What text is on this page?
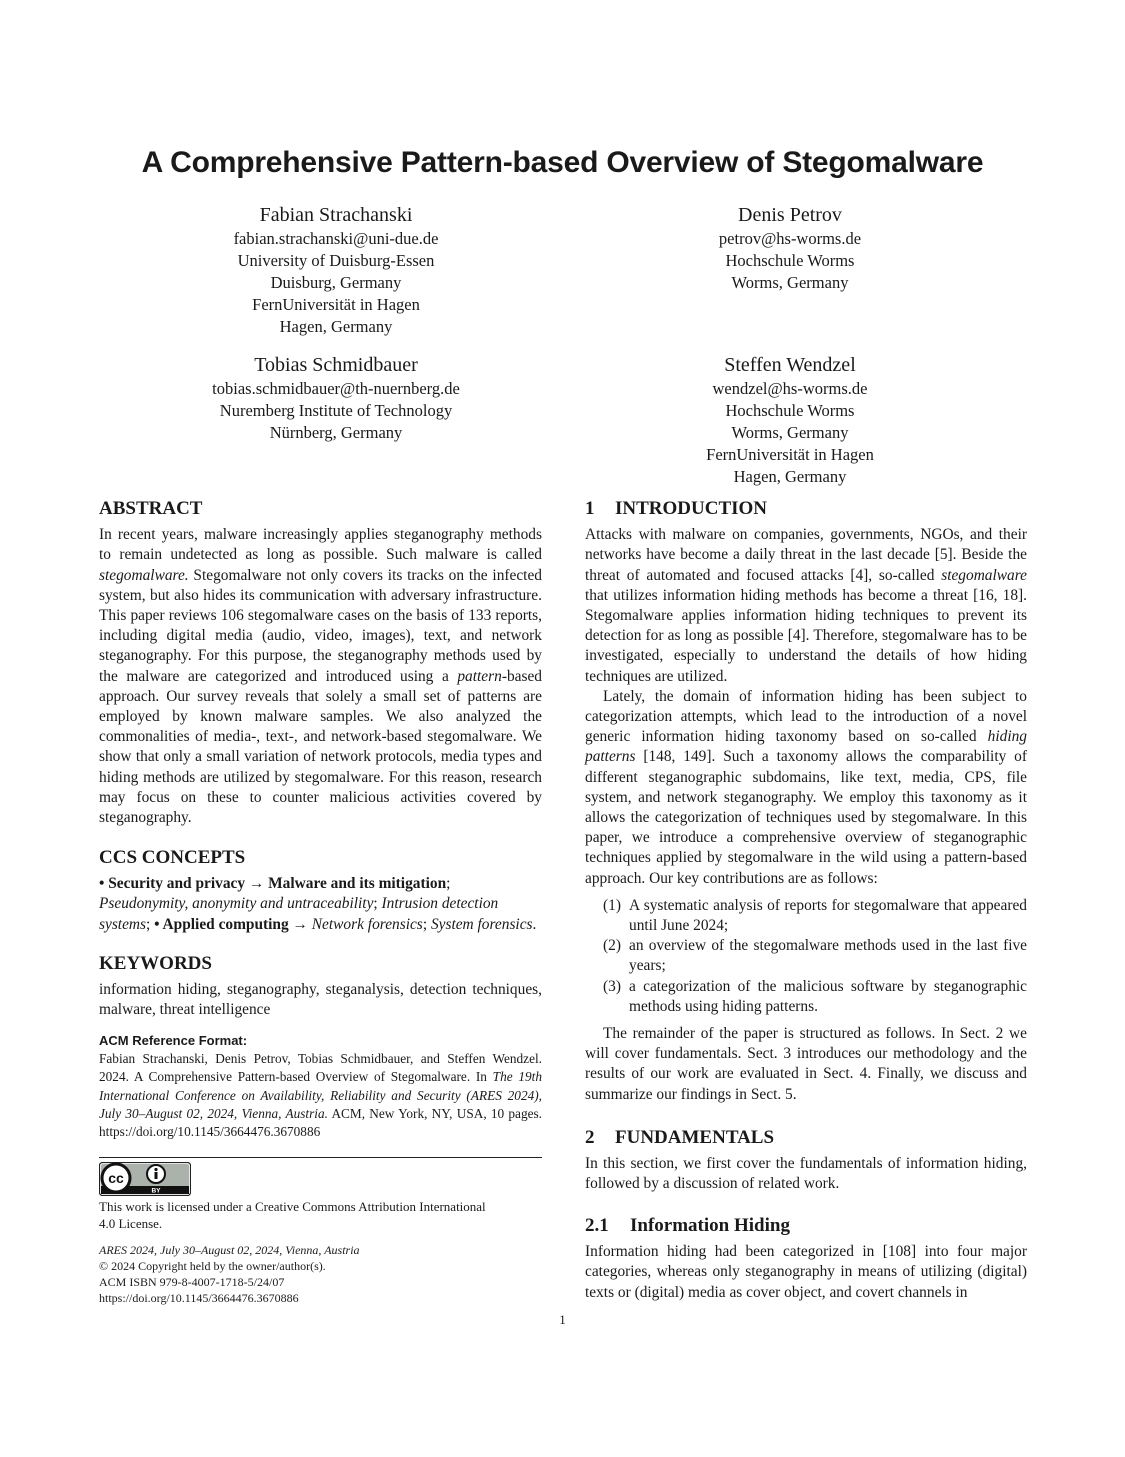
A Comprehensive Pattern-based Overview of Stegomalware
Fabian Strachanski
fabian.strachanski@uni-due.de
University of Duisburg-Essen
Duisburg, Germany
FernUniversität in Hagen
Hagen, Germany
Denis Petrov
petrov@hs-worms.de
Hochschule Worms
Worms, Germany
Tobias Schmidbauer
tobias.schmidbauer@th-nuernberg.de
Nuremberg Institute of Technology
Nürnberg, Germany
Steffen Wendzel
wendzel@hs-worms.de
Hochschule Worms
Worms, Germany
FernUniversität in Hagen
Hagen, Germany
ABSTRACT

In recent years, malware increasingly applies steganography methods to remain undetected as long as possible. Such malware is called stegomalware. Stegomalware not only covers its tracks on the infected system, but also hides its communication with adversary infrastructure. This paper reviews 106 stegomalware cases on the basis of 133 reports, including digital media (audio, video, images), text, and network steganography. For this purpose, the steganography methods used by the malware are categorized and introduced using a pattern-based approach. Our survey reveals that solely a small set of patterns are employed by known malware samples. We also analyzed the commonalities of media-, text-, and network-based stegomalware. We show that only a small variation of network protocols, media types and hiding methods are utilized by stegomalware. For this reason, research may focus on these to counter malicious activities covered by steganography.

CCS CONCEPTS

• Security and privacy → Malware and its mitigation; Pseudonymity, anonymity and untraceability; Intrusion detection systems; • Applied computing → Network forensics; System forensics.

KEYWORDS

information hiding, steganography, steganalysis, detection techniques, malware, threat intelligence

ACM Reference Format:

Fabian Strachanski, Denis Petrov, Tobias Schmidbauer, and Steffen Wendzel. 2024. A Comprehensive Pattern-based Overview of Stegomalware. In The 19th International Conference on Availability, Reliability and Security (ARES 2024), July 30–August 02, 2024, Vienna, Austria. ACM, New York, NY, USA, 10 pages. https://doi.org/10.1145/3664476.3670886

cc
BY
This work is licensed under a Creative Commons Attribution International 4.0 License.
ARES 2024, July 30–August 02, 2024, Vienna, Austria
© 2024 Copyright held by the owner/author(s).
ACM ISBN 979-8-4007-1718-5/24/07
https://doi.org/10.1145/3664476.3670886
1 INTRODUCTION

Attacks with malware on companies, governments, NGOs, and their networks have become a daily threat in the last decade [5]. Beside the threat of automated and focused attacks [4], so-called stegomalware that utilizes information hiding methods has become a threat [16, 18]. Stegomalware applies information hiding techniques to prevent its detection for as long as possible [4]. Therefore, stegomalware has to be investigated, especially to understand the details of how hiding techniques are utilized.

Lately, the domain of information hiding has been subject to categorization attempts, which lead to the introduction of a novel generic information hiding taxonomy based on so-called hiding patterns [148, 149]. Such a taxonomy allows the comparability of different steganographic subdomains, like text, media, CPS, file system, and network steganography. We employ this taxonomy as it allows the categorization of techniques used by stegomalware. In this paper, we introduce a comprehensive overview of steganographic techniques applied by stegomalware in the wild using a pattern-based approach. Our key contributions are as follows:

(1) A systematic analysis of reports for stegomalware that appeared until June 2024;
(2) an overview of the stegomalware methods used in the last five years;
(3) a categorization of the malicious software by steganographic methods using hiding patterns.

The remainder of the paper is structured as follows. In Sect. 2 we will cover fundamentals. Sect. 3 introduces our methodology and the results of our work are evaluated in Sect. 4. Finally, we discuss and summarize our findings in Sect. 5.

2 FUNDAMENTALS

In this section, we first cover the fundamentals of information hiding, followed by a discussion of related work.

2.1 Information Hiding

Information hiding had been categorized in [108] into four major categories, whereas only steganography in means of utilizing (digital) texts or (digital) media as cover object, and covert channels in

1
